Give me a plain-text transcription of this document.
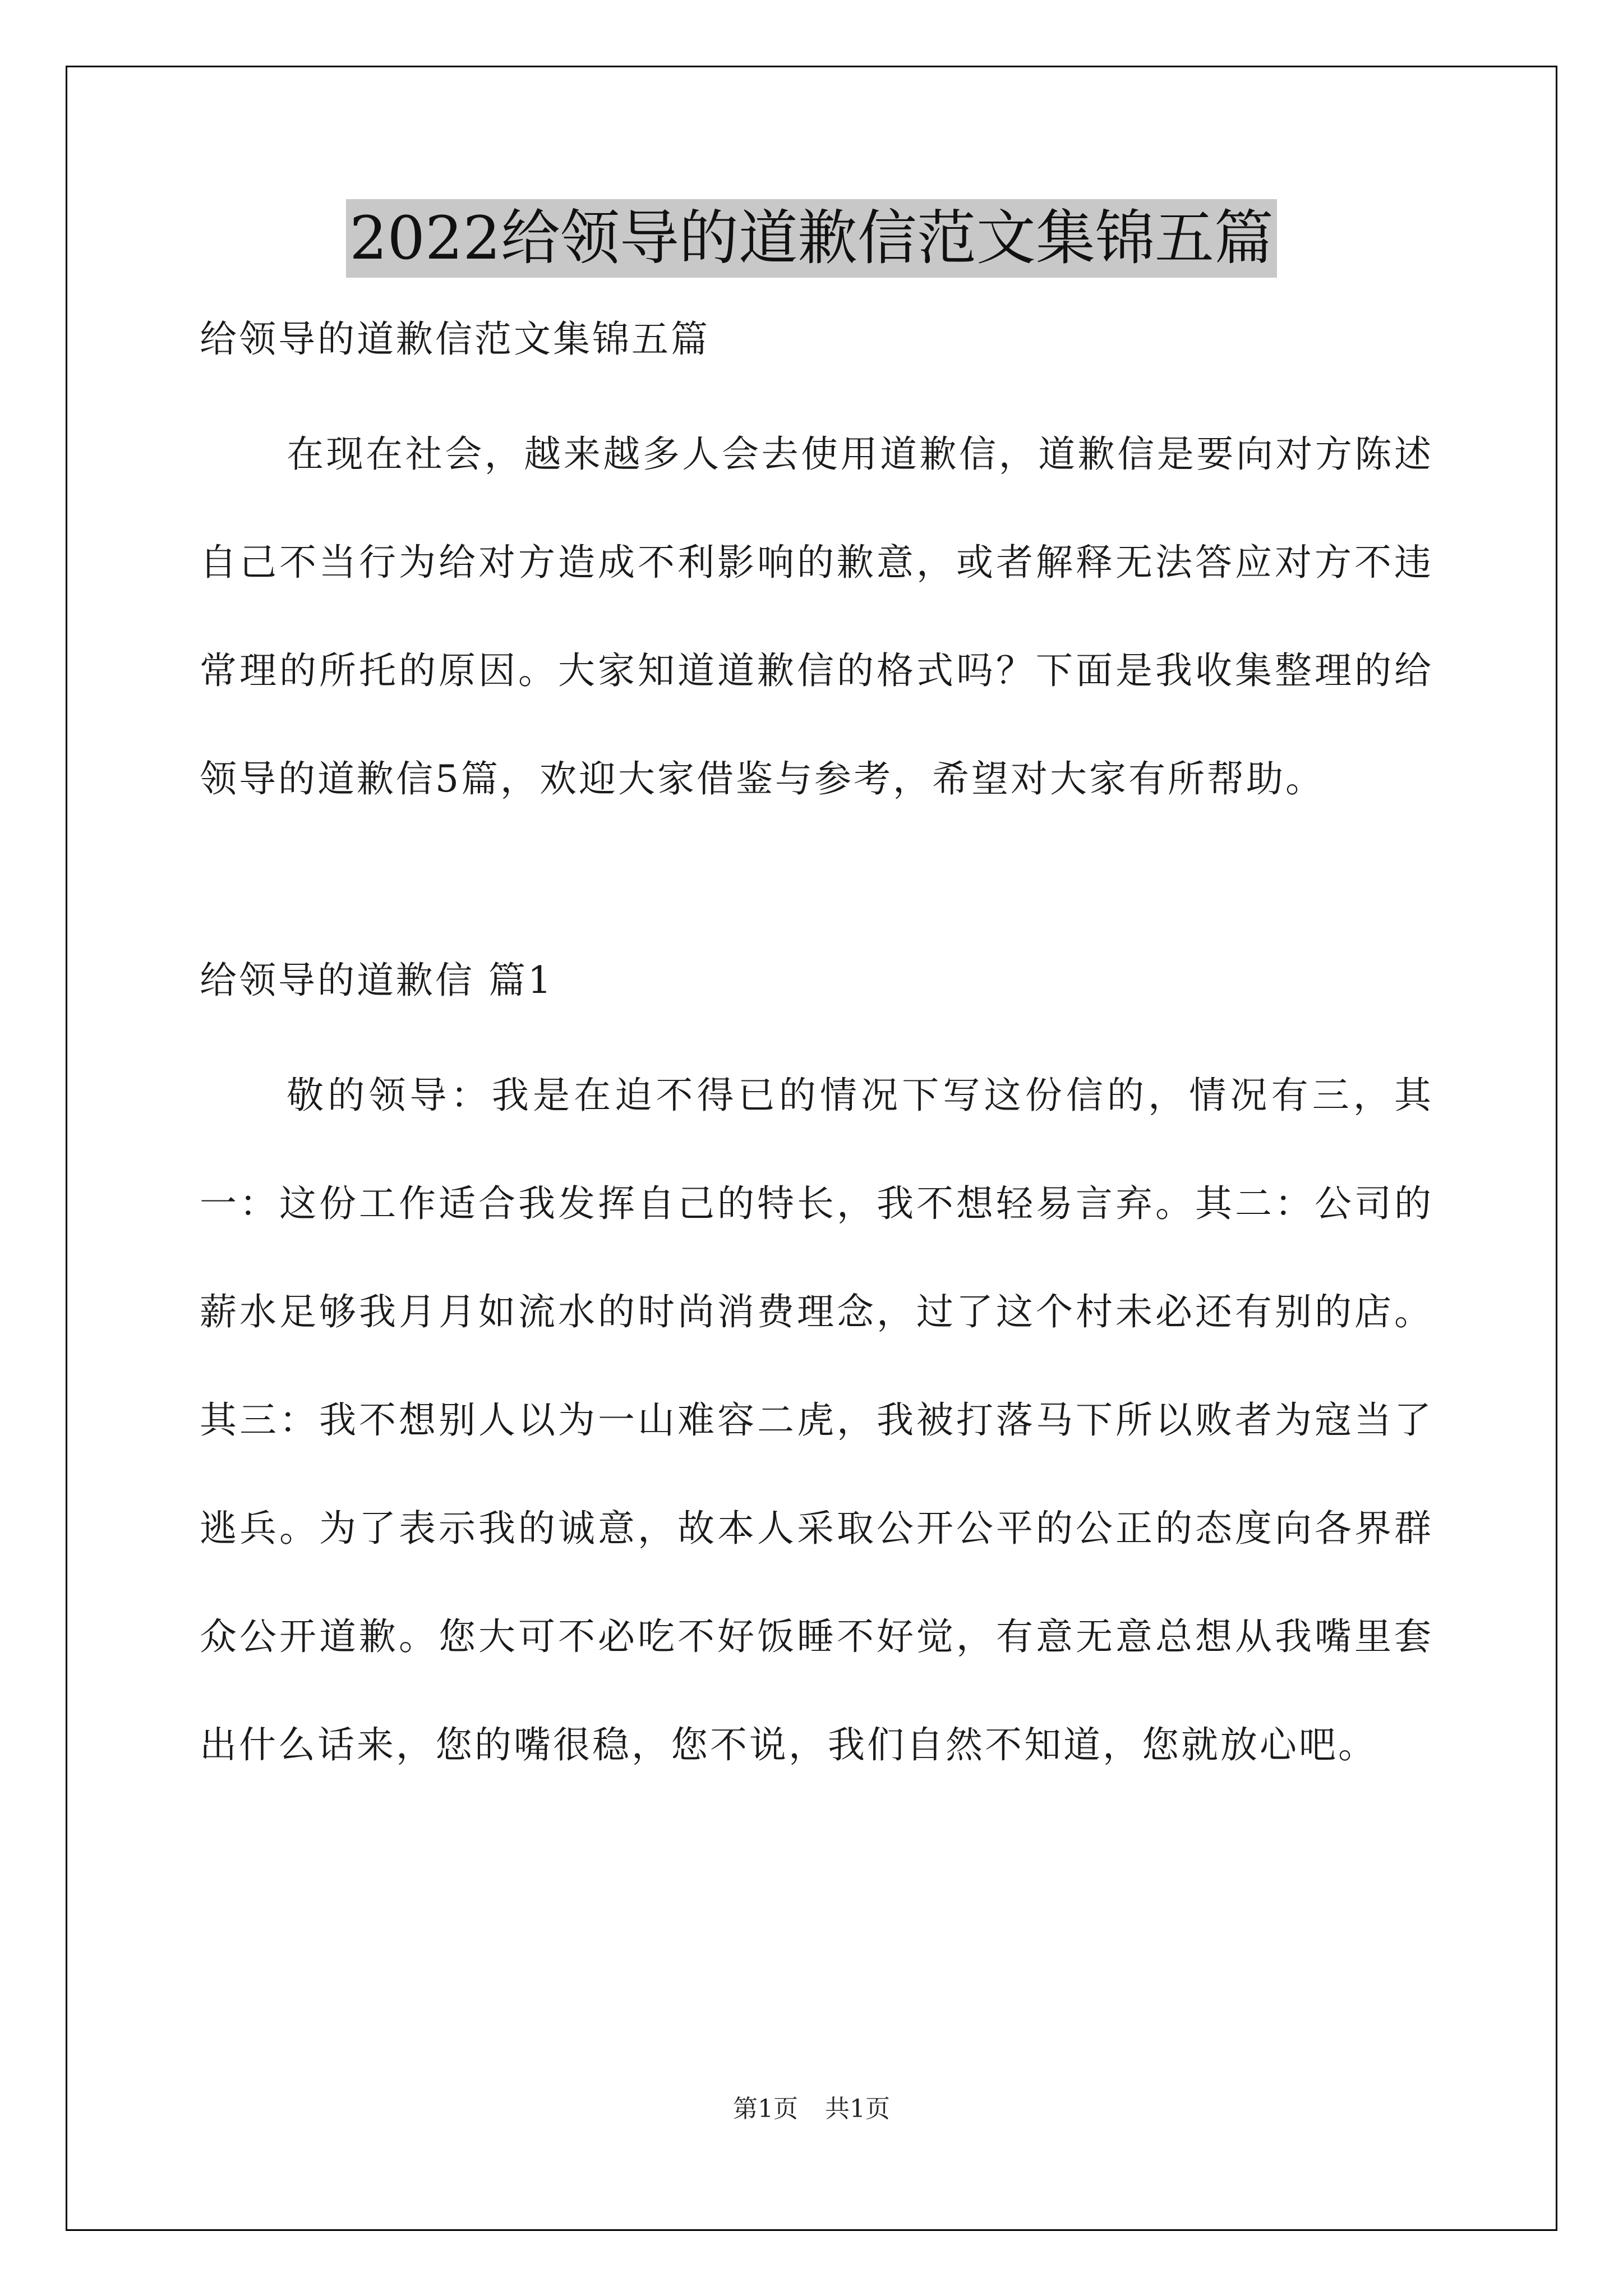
2022给领导的道歉信范文集锦五篇

给领导的道歉信范文集锦五篇

在现在社会，越来越多人会去使用道歉信，道歉信是要向对方陈述自己不当行为给对方造成不利影响的歉意，或者解释无法答应对方不违常理的所托的原因。大家知道道歉信的格式吗？下面是我收集整理的给领导的道歉信5篇，欢迎大家借鉴与参考，希望对大家有所帮助。

给领导的道歉信 篇1

敬的领导：我是在迫不得已的情况下写这份信的，情况有三，其一：这份工作适合我发挥自己的特长，我不想轻易言弃。其二：公司的薪水足够我月月如流水的时尚消费理念，过了这个村未必还有别的店。其三：我不想别人以为一山难容二虎，我被打落马下所以败者为寇当了逃兵。为了表示我的诚意，故本人采取公开公平的公正的态度向各界群众公开道歉。您大可不必吃不好饭睡不好觉，有意无意总想从我嘴里套出什么话来，您的嘴很稳，您不说，我们自然不知道，您就放心吧。

第1页 共1页
